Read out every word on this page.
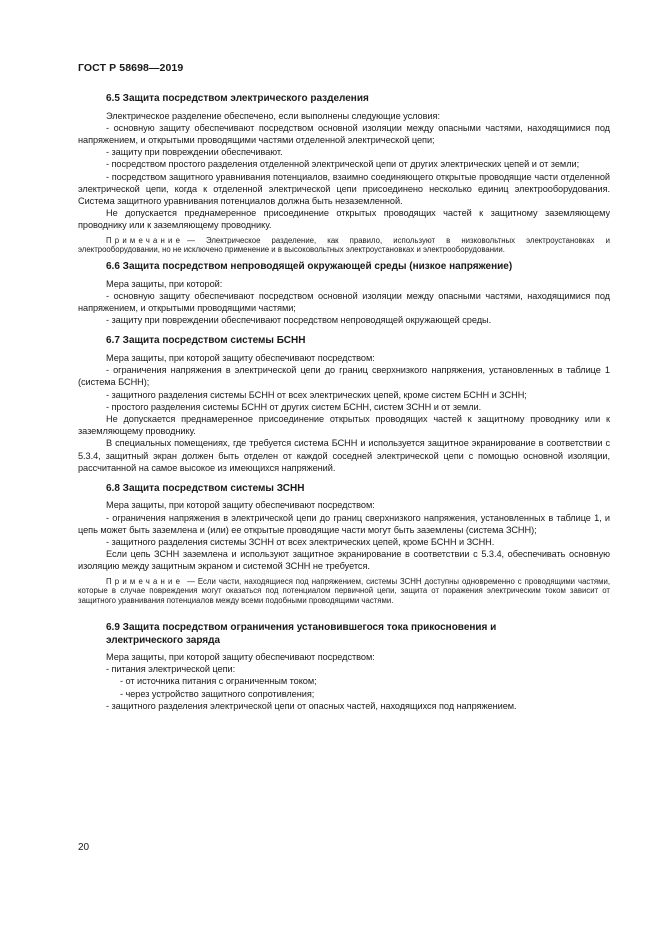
ГОСТ Р 58698—2019
6.5 Защита посредством электрического разделения

Электрическое разделение обеспечено, если выполнены следующие условия:

- основную защиту обеспечивают посредством основной изоляции между опасными частями, находящимися под напряжением, и открытыми проводящими частями отделенной электрической цепи;

- защиту при повреждении обеспечивают.

- посредством простого разделения отделенной электрической цепи от других электрических цепей и от земли;

- посредством защитного уравнивания потенциалов, взаимно соединяющего открытые проводящие части отделенной электрической цепи, когда к отделенной электрической цепи присоединено несколько единиц электрооборудования. Система защитного уравнивания потенциалов должна быть незаземленной.

Не допускается преднамеренное присоединение открытых проводящих частей к защитному заземляющему проводнику или к заземляющему проводнику.

Примечание — Электрическое разделение, как правило, используют в низковольтных электроустановках и электрооборудовании, но не исключено применение и в высоковольтных электроустановках и электрооборудовании.

6.6 Защита посредством непроводящей окружающей среды (низкое напряжение)

Мера защиты, при которой:

- основную защиту обеспечивают посредством основной изоляции между опасными частями, находящимися под напряжением, и открытыми проводящими частями;

- защиту при повреждении обеспечивают посредством непроводящей окружающей среды.

6.7 Защита посредством системы БСНН

Мера защиты, при которой защиту обеспечивают посредством:

- ограничения напряжения в электрической цепи до границ сверхнизкого напряжения, установленных в таблице 1 (система БСНН);

- защитного разделения системы БСНН от всех электрических цепей, кроме систем БСНН и ЗСНН;

- простого разделения системы БСНН от других систем БСНН, систем ЗСНН и от земли.

Не допускается преднамеренное присоединение открытых проводящих частей к защитному проводнику или к заземляющему проводнику.

В специальных помещениях, где требуется система БСНН и используется защитное экранирование в соответствии с 5.3.4, защитный экран должен быть отделен от каждой соседней электрической цепи с помощью основной изоляции, рассчитанной на самое высокое из имеющихся напряжений.

6.8 Защита посредством системы ЗСНН

Мера защиты, при которой защиту обеспечивают посредством:

- ограничения напряжения в электрической цепи до границ сверхнизкого напряжения, установленных в таблице 1, и цепь может быть заземлена и (или) ее открытые проводящие части могут быть заземлены (система ЗСНН);

- защитного разделения системы ЗСНН от всех электрических цепей, кроме БСНН и ЗСНН.

Если цепь ЗСНН заземлена и используют защитное экранирование в соответствии с 5.3.4, обеспечивать основную изоляцию между защитным экраном и системой ЗСНН не требуется.

Примечание — Если части, находящиеся под напряжением, системы ЗСНН доступны одновременно с проводящими частями, которые в случае повреждения могут оказаться под потенциалом первичной цепи, защита от поражения электрическим током зависит от защитного уравнивания потенциалов между всеми подобными проводящими частями.

6.9 Защита посредством ограничения установившегося тока прикосновения и
электрического заряда

Мера защиты, при которой защиту обеспечивают посредством:

- питания электрической цепи:

- от источника питания с ограниченным током;

- через устройство защитного сопротивления;

- защитного разделения электрической цепи от опасных частей, находящихся под напряжением.

20
